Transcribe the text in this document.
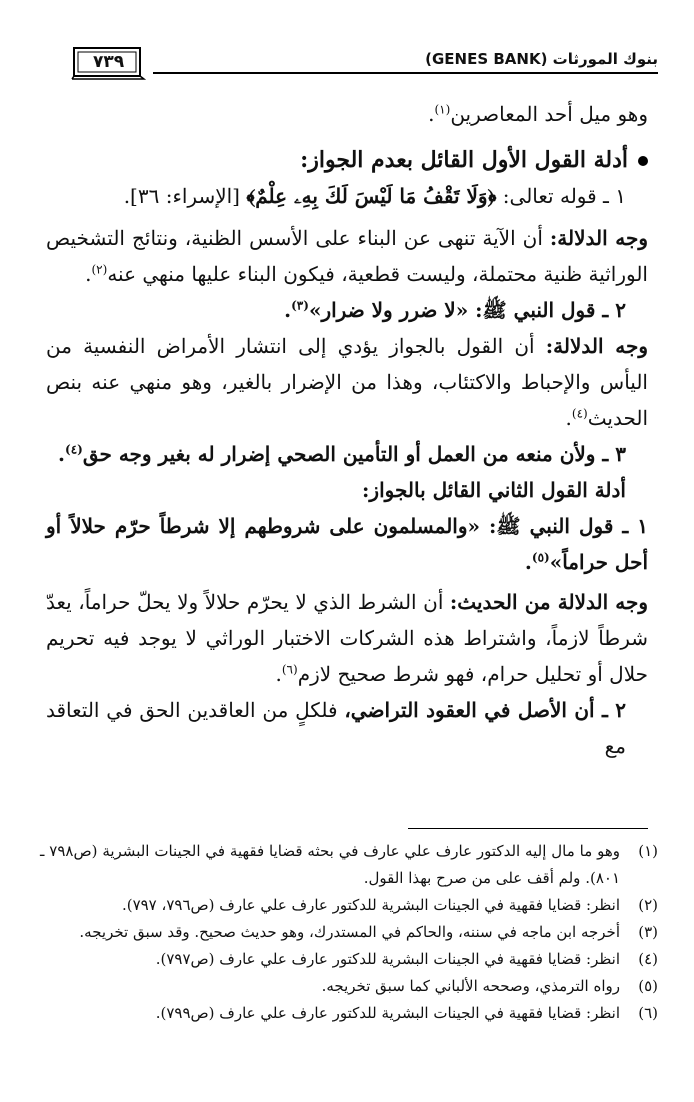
بنوك المورثات (GENES BANK)
٧٣٩

وهو ميل أحد المعاصرين$^{(١)}$.

أدلة القول الأول القائل بعدم الجواز:

١ ـ قوله تعالى: ﴿وَلَا تَقْفُ مَا لَيْسَ لَكَ بِهِۦ عِلْمٌ﴾ [الإسراء: ٣٦].

وجه الدلالة: أن الآية تنهى عن البناء على الأسس الظنية، ونتائج التشخيص الوراثية ظنية محتملة، وليست قطعية، فيكون البناء عليها منهي عنه$^{(٢)}$.

٢ ـ قول النبي ﷺ: «لا ضرر ولا ضرار»$^{(٣)}$.

وجه الدلالة: أن القول بالجواز يؤدي إلى انتشار الأمراض النفسية من اليأس والإحباط والاكتئاب، وهذا من الإضرار بالغير، وهو منهي عنه بنص الحديث$^{(٤)}$.

٣ ـ ولأن منعه من العمل أو التأمين الصحي إضرار له بغير وجه حق$^{(٤)}$.

أدلة القول الثاني القائل بالجواز:

١ ـ قول النبي ﷺ: «والمسلمون على شروطهم إلا شرطاً حرّم حلالاً أو أحل حراماً»$^{(٥)}$.

وجه الدلالة من الحديث: أن الشرط الذي لا يحرّم حلالاً ولا يحلّ حراماً، يعدّ شرطاً لازماً، واشتراط هذه الشركات الاختبار الوراثي لا يوجد فيه تحريم حلال أو تحليل حرام، فهو شرط صحيح لازم$^{(٦)}$.

٢ ـ أن الأصل في العقود التراضي، فلكلٍ من العاقدين الحق في التعاقد مع

(١)
وهو ما مال إليه الدكتور عارف علي عارف في بحثه قضايا فقهية في الجينات البشرية (ص٧٩٨ ـ ٨٠١). ولم أقف على من صرح بهذا القول.

(٢)
انظر: قضايا فقهية في الجينات البشرية للدكتور عارف علي عارف (ص٧٩٦، ٧٩٧).

(٣)
أخرجه ابن ماجه في سننه، والحاكم في المستدرك، وهو حديث صحيح. وقد سبق تخريجه.

(٤)
انظر: قضايا فقهية في الجينات البشرية للدكتور عارف علي عارف (ص٧٩٧).

(٥)
رواه الترمذي، وصححه الألباني كما سبق تخريجه.

(٦)
انظر: قضايا فقهية في الجينات البشرية للدكتور عارف علي عارف (ص٧٩٩).
